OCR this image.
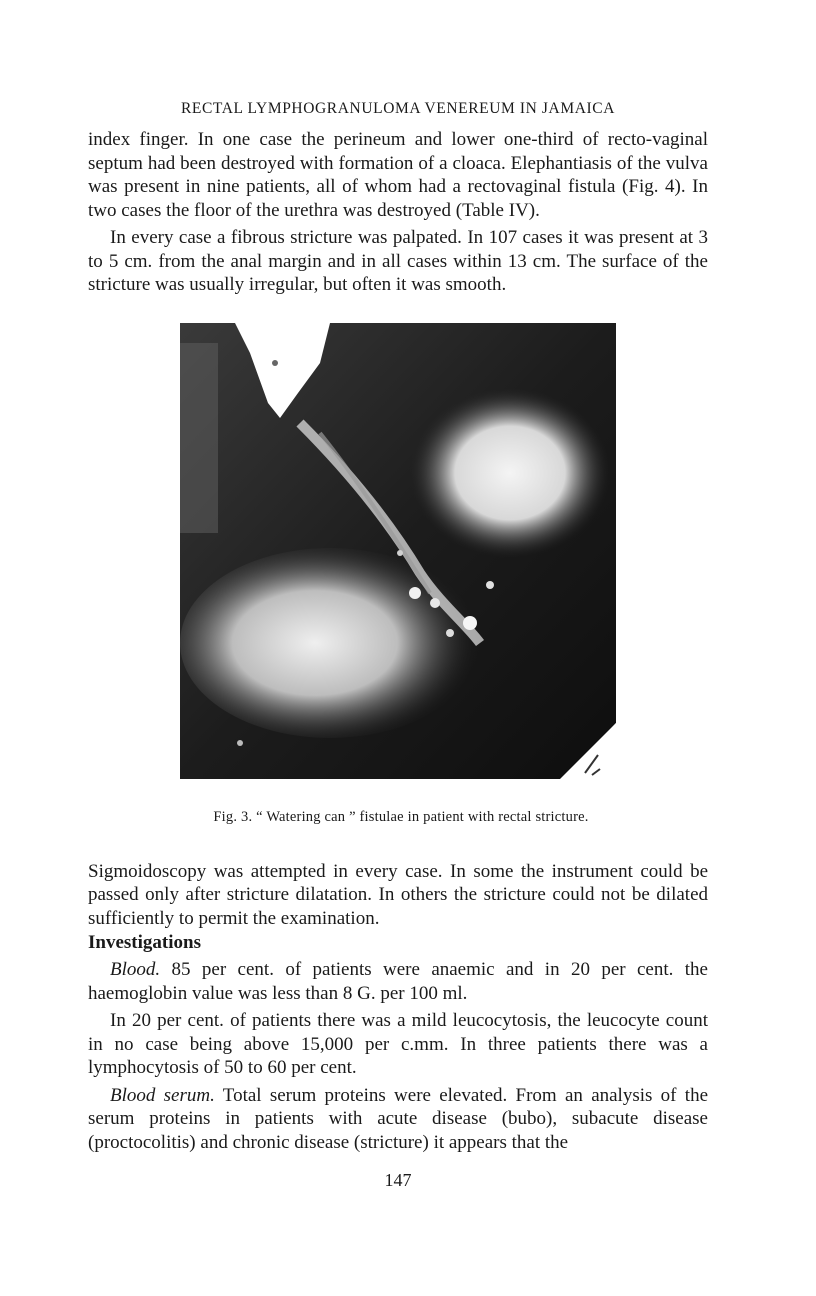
RECTAL LYMPHOGRANULOMA VENEREUM IN JAMAICA

index finger. In one case the perineum and lower one-third of recto-vaginal septum had been destroyed with formation of a cloaca. Elephantiasis of the vulva was present in nine patients, all of whom had a rectovaginal fistula (Fig. 4). In two cases the floor of the urethra was destroyed (Table IV).

In every case a fibrous stricture was palpated. In 107 cases it was present at 3 to 5 cm. from the anal margin and in all cases within 13 cm. The surface of the stricture was usually irregular, but often it was smooth.

Fig. 3. “ Watering can ” fistulae in patient with rectal stricture.

Sigmoidoscopy was attempted in every case. In some the instrument could be passed only after stricture dilatation. In others the stricture could not be dilated sufficiently to permit the examination.

Investigations

Blood. 85 per cent. of patients were anaemic and in 20 per cent. the haemoglobin value was less than 8 G. per 100 ml.

In 20 per cent. of patients there was a mild leucocytosis, the leucocyte count in no case being above 15,000 per c.mm. In three patients there was a lymphocytosis of 50 to 60 per cent.

Blood serum. Total serum proteins were elevated. From an analysis of the serum proteins in patients with acute disease (bubo), subacute disease (proctocolitis) and chronic disease (stricture) it appears that the

147
